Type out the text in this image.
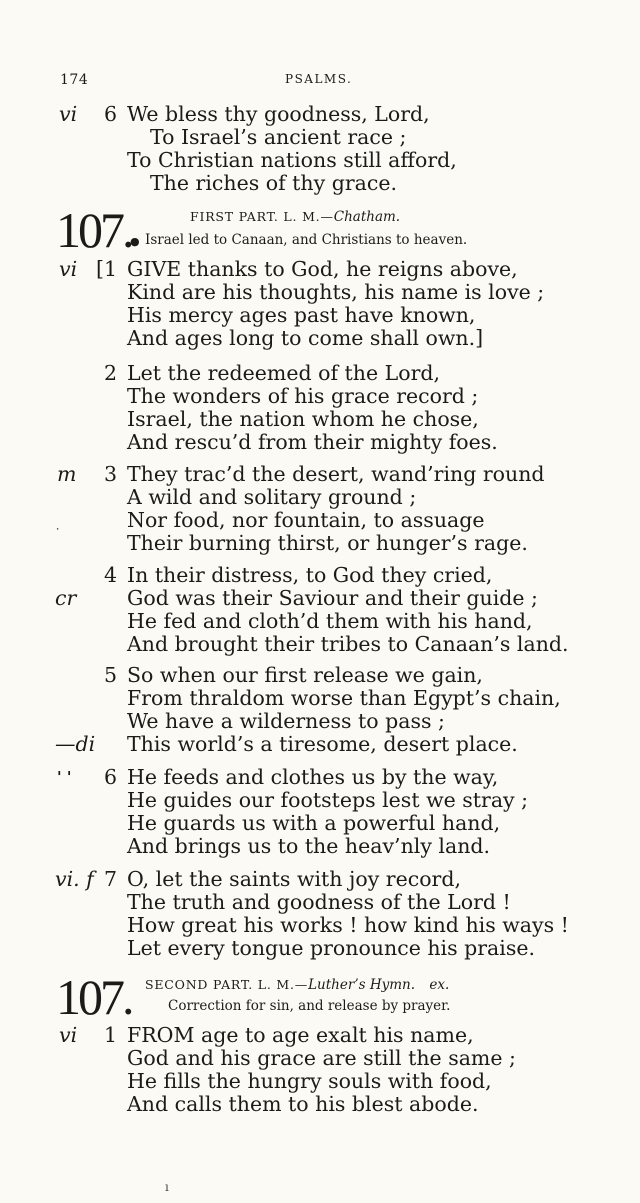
174	PSALMS.
vi 6 We bless thy goodness, Lord,
To Israel’s ancient race ;
To Christian nations still afford,
The riches of thy grace.
107.	FIRST PART. L. M.—Chatham.
● Israel led to Canaan, and Christians to heaven.
vi [1 GIVE thanks to God, he reigns above,
Kind are his thoughts, his name is love ;
His mercy ages past have known,
And ages long to come shall own.]
2 Let the redeemed of the Lord,
The wonders of his grace record ;
Israel, the nation whom he chose,
And rescu’d from their mighty foes.
m 3 They trac’d the desert, wand’ring round
A wild and solitary ground ;
Nor food, nor fountain, to assuage
Their burning thirst, or hunger’s rage.
4
cr
In their distress, to God they cried,
God was their Saviour and their guide ;
He fed and cloth’d them with his hand,
And brought their tribes to Canaan’s land.
5
—di
So when our first release we gain,
From thraldom worse than Egypt’s chain,
We have a wilderness to pass ;
This world’s a tiresome, desert place.
' ' 6 He feeds and clothes us by the way,
He guides our footsteps lest we stray ;
He guards us with a powerful hand,
And brings us to the heav’nly land.
vi. f 7 O, let the saints with joy record,
The truth and goodness of the Lord !
How great his works ! how kind his ways !
Let every tongue pronounce his praise.
107. SECOND PART. L. M.—Luther’s Hymn. ex.
Correction for sin, and release by prayer.
vi 1 FROM age to age exalt his name,
God and his grace are still the same ;
He fills the hungry souls with food,
And calls them to his blest abode.
⸱
ı
